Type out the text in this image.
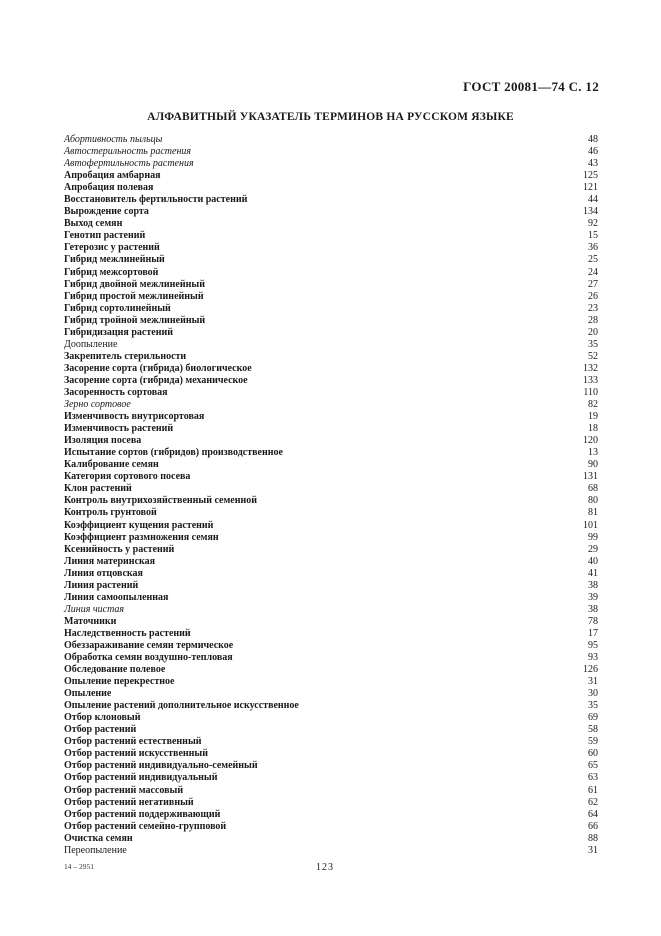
ГОСТ 20081—74 С. 12
АЛФАВИТНЫЙ УКАЗАТЕЛЬ ТЕРМИНОВ НА РУССКОМ ЯЗЫКЕ
Абортивность пыльцы	48
Автостерильность растения	46
Автофертильность растения	43
Апробация амбарная	125
Апробация полевая	121
Восстановитель фертильности растений	44
Вырождение сорта	134
Выход семян	92
Генотип растений	15
Гетерозис у растений	36
Гибрид межлинейный	25
Гибрид межсортовой	24
Гибрид двойной межлинейный	27
Гибрид простой межлинейный	26
Гибрид сортолинейный	23
Гибрид тройной межлинейный	28
Гибридизация растений	20
Доопыление	35
Закрепитель стерильности	52
Засорение сорта (гибрида) биологическое	132
Засорение сорта (гибрида) механическое	133
Засоренность сортовая	110
Зерно сортовое	82
Изменчивость внутрисортовая	19
Изменчивость растений	18
Изоляция посева	120
Испытание сортов (гибридов) производственное	13
Калибрование семян	90
Категория сортового посева	131
Клон растений	68
Контроль внутрихозяйственный семенной	80
Контроль грунтовой	81
Коэффициент кущения растений	101
Коэффициент размножения семян	99
Ксенийность у растений	29
Линия материнская	40
Линия отцовская	41
Линия растений	38
Линия самоопыленная	39
Линия чистая	38
Маточники	78
Наследственность растений	17
Обеззараживание семян термическое	95
Обработка семян воздушно-тепловая	93
Обследование полевое	126
Опыление перекрестное	31
Опыление	30
Опыление растений дополнительное искусственное	35
Отбор клоновый	69
Отбор растений	58
Отбор растений естественный	59
Отбор растений искусственный	60
Отбор растений индивидуально-семейный	65
Отбор растений индивидуальный	63
Отбор растений массовый	61
Отбор растений негативный	62
Отбор растений поддерживающий	64
Отбор растений семейно-групповой	66
Очистка семян	88
Переопыление	31
14 – 2951	123
